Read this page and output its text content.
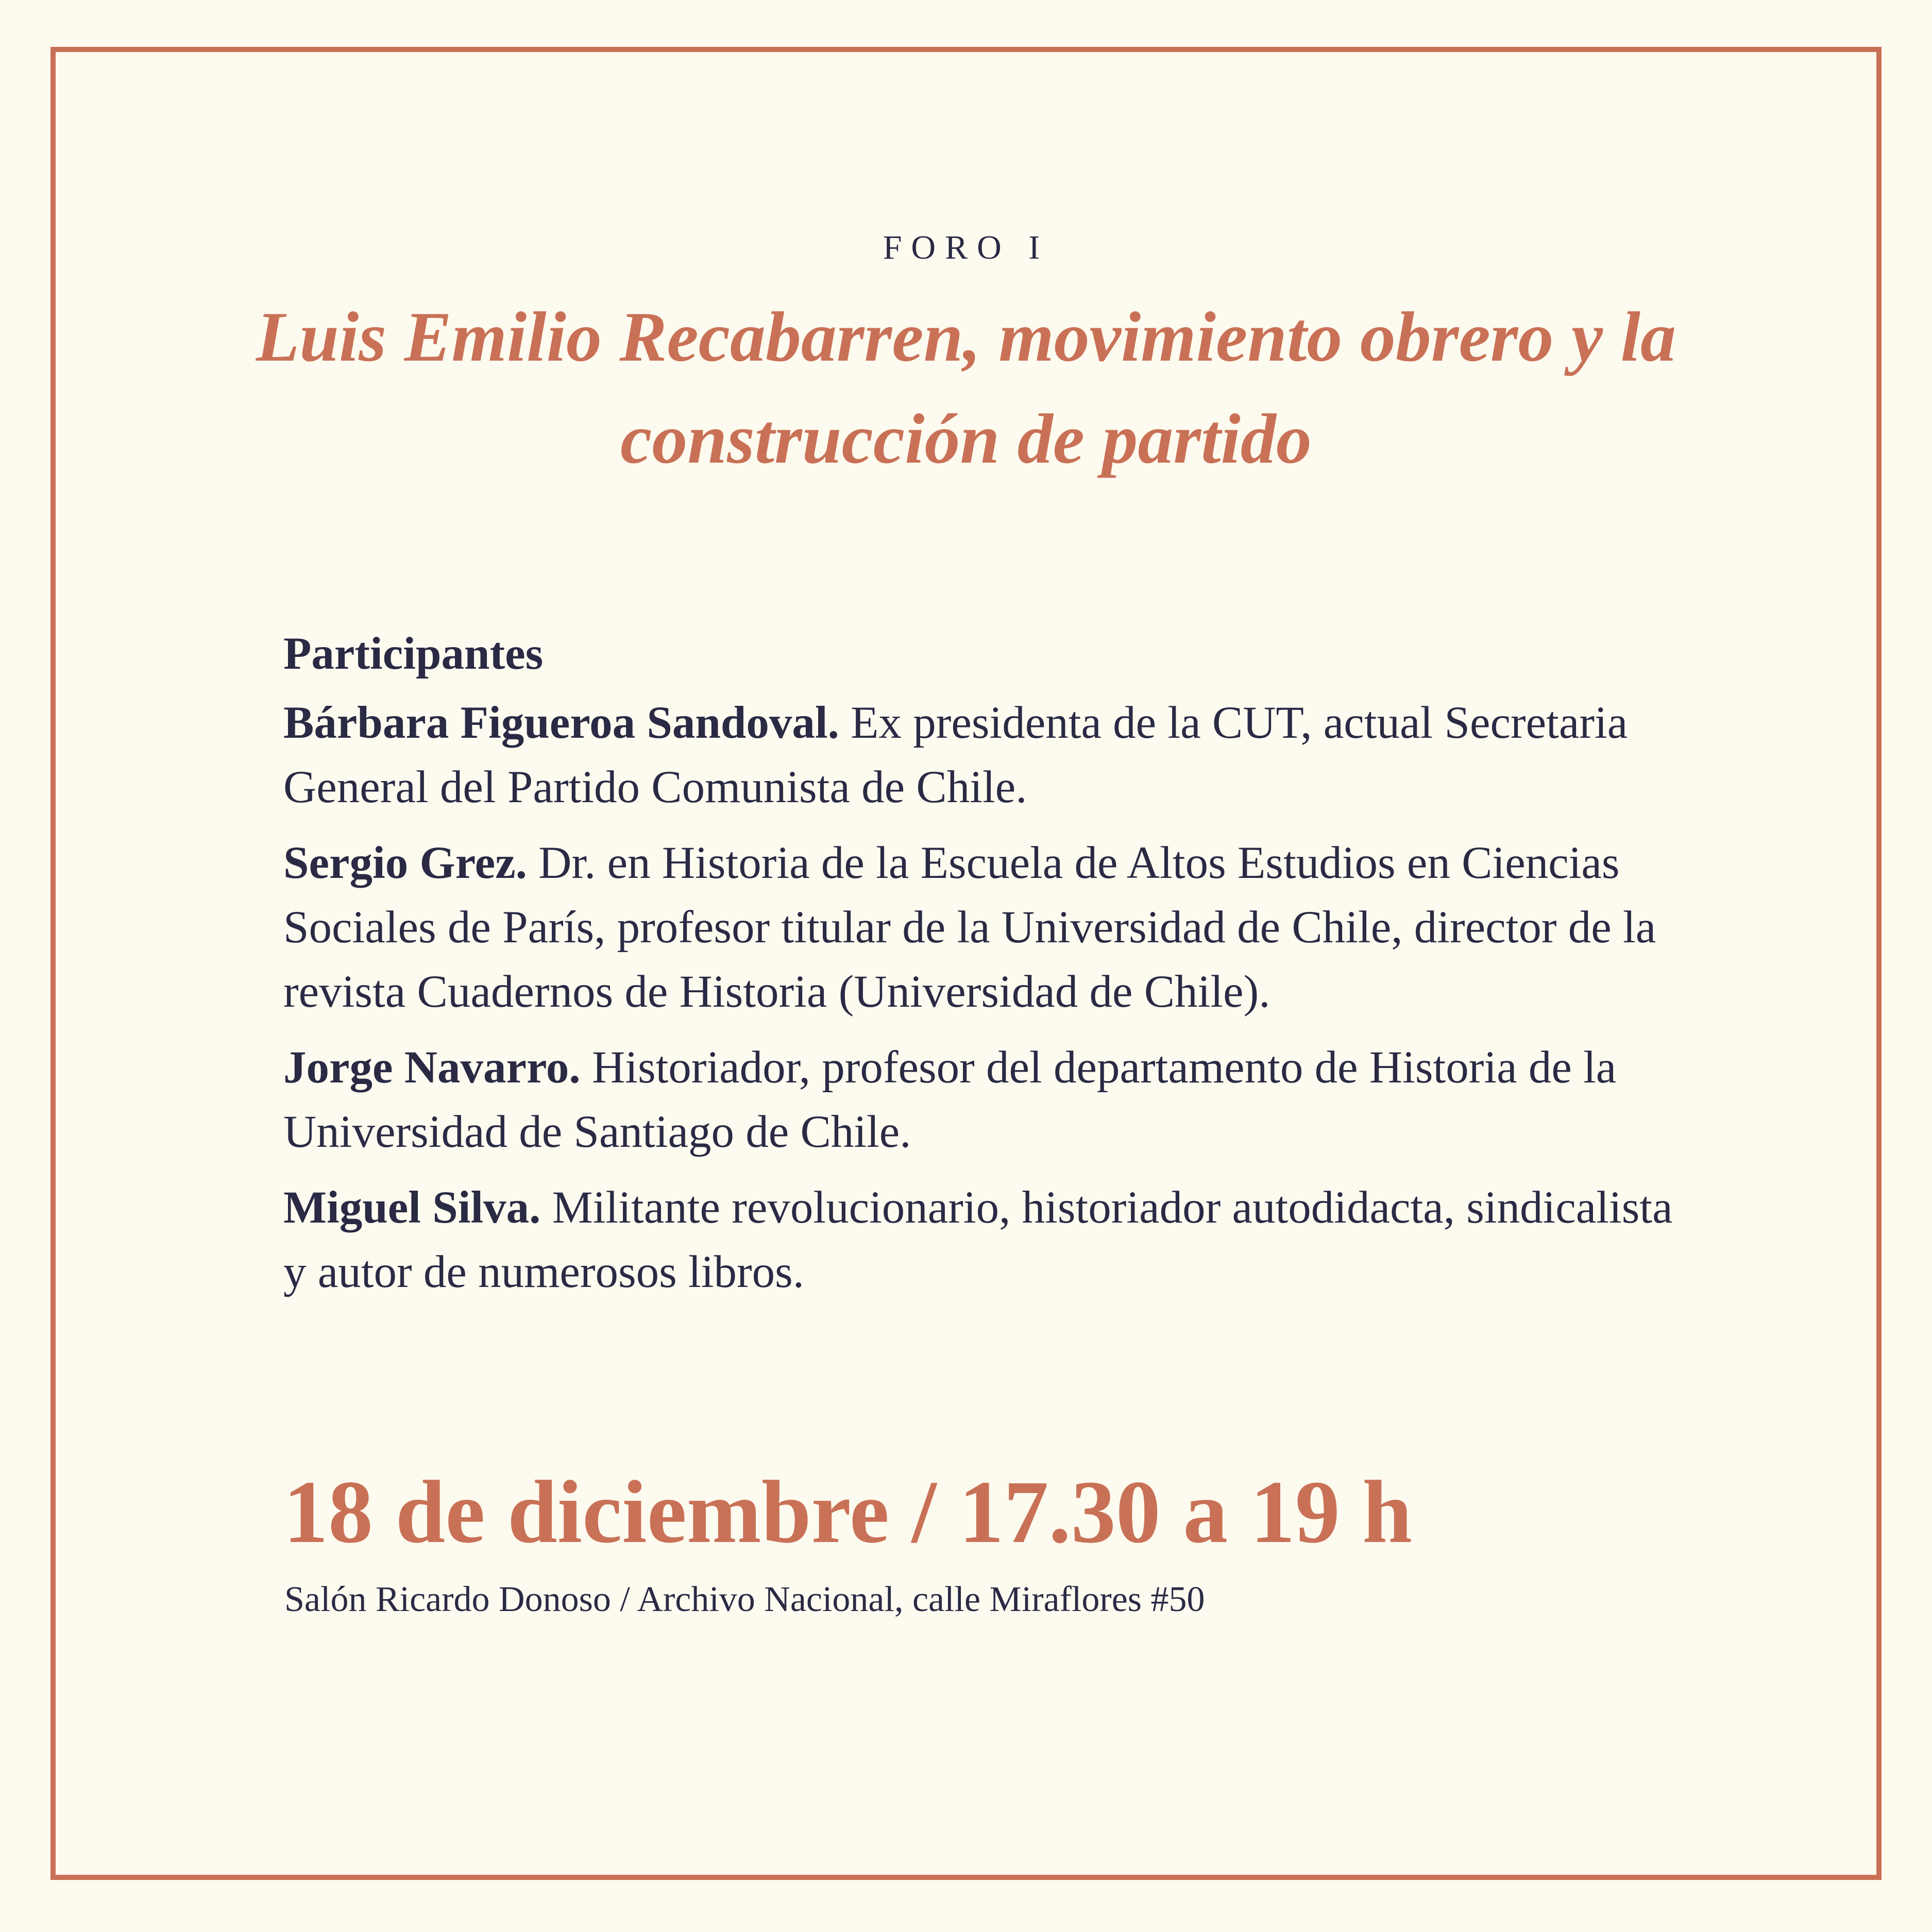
FORO I
Luis Emilio Recabarren, movimiento obrero y la construcción de partido
Participantes

Bárbara Figueroa Sandoval. Ex presidenta de la CUT, actual Secretaria General del Partido Comunista de Chile.

Sergio Grez. Dr. en Historia de la Escuela de Altos Estudios en Ciencias Sociales de París, profesor titular de la Universidad de Chile, director de la revista Cuadernos de Historia (Universidad de Chile).

Jorge Navarro. Historiador, profesor del departamento de Historia de la Universidad de Santiago de Chile.

Miguel Silva. Militante revolucionario, historiador autodidacta, sindicalista y autor de numerosos libros.

18 de diciembre / 17.30 a 19 h
Salón Ricardo Donoso / Archivo Nacional, calle Miraflores #50
